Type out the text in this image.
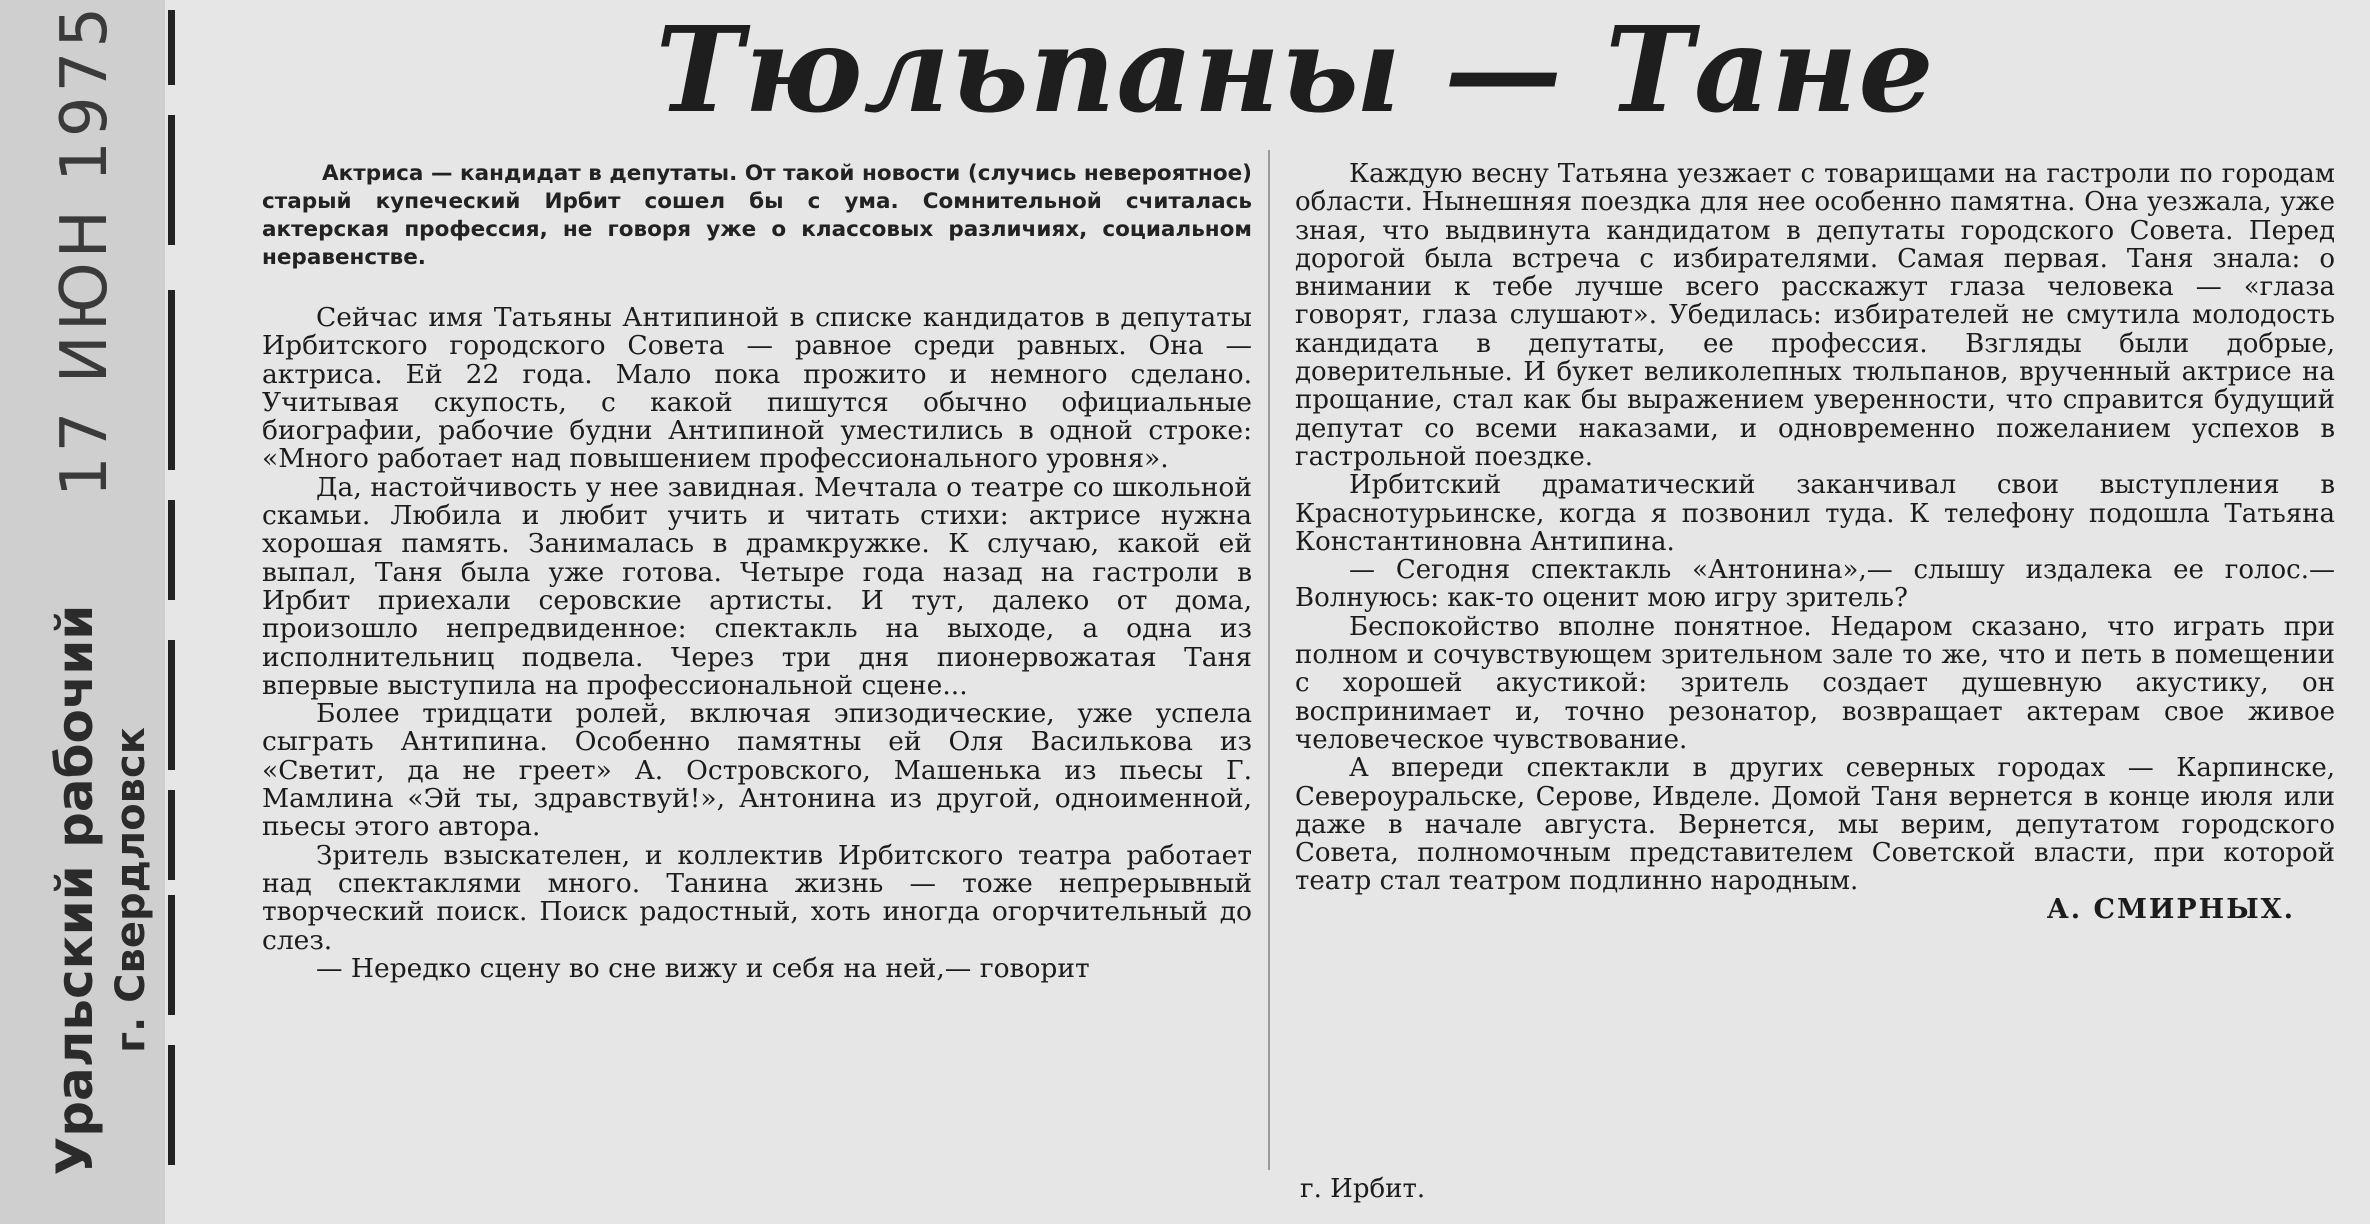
17 ИЮН 1975
Уральский рабочий г. Свердловск
Тюльпаны — Тане

Актриса — кандидат в депутаты. От такой новости (случись невероятное) старый купеческий Ирбит сошел бы с ума. Сомнительной считалась актерская профессия, не говоря уже о классовых различиях, социальном неравенстве.

Сейчас имя Татьяны Антипиной в списке кандидатов в депутаты Ирбитского городского Совета — равное среди равных. Она — актриса. Ей 22 года. Мало пока прожито и немного сделано. Учитывая скупость, с какой пишутся обычно официальные биографии, рабочие будни Антипиной уместились в одной строке: «Много работает над повышением профессионального уровня».

Да, настойчивость у нее завидная. Мечтала о театре со школьной скамьи. Любила и любит учить и читать стихи: актрисе нужна хорошая память. Занималась в драмкружке. К случаю, какой ей выпал, Таня была уже готова. Четыре года назад на гастроли в Ирбит приехали серовские артисты. И тут, далеко от дома, произошло непредвиденное: спектакль на выходе, а одна из исполнительниц подвела. Через три дня пионервожатая Таня впервые выступила на профессиональной сцене...

Более тридцати ролей, включая эпизодические, уже успела сыграть Антипина. Особенно памятны ей Оля Василькова из «Светит, да не греет» А. Островского, Машенька из пьесы Г. Мамлина «Эй ты, здравствуй!», Антонина из другой, одноименной, пьесы этого автора.

Зритель взыскателен, и коллектив Ирбитского театра работает над спектаклями много. Танина жизнь — тоже непрерывный творческий поиск. Поиск радостный, хоть иногда огорчительный до слез.

— Нередко сцену во сне вижу и себя на ней,— говорит

Каждую весну Татьяна уезжает с товарищами на гастроли по городам области. Нынешняя поездка для нее особенно памятна. Она уезжала, уже зная, что выдвинута кандидатом в депутаты городского Совета. Перед дорогой была встреча с избирателями. Самая первая. Таня знала: о внимании к тебе лучше всего расскажут глаза человека — «глаза говорят, глаза слушают». Убедилась: избирателей не смутила молодость кандидата в депутаты, ее профессия. Взгляды были добрые, доверительные. И букет великолепных тюльпанов, врученный актрисе на прощание, стал как бы выражением уверенности, что справится будущий депутат со всеми наказами, и одновременно пожеланием успехов в гастрольной поездке.

Ирбитский драматический заканчивал свои выступления в Краснотурьинске, когда я позвонил туда. К телефону подошла Татьяна Константиновна Антипина.

— Сегодня спектакль «Антонина»,— слышу издалека ее голос.— Волнуюсь: как-то оценит мою игру зритель?

Беспокойство вполне понятное. Недаром сказано, что играть при полном и сочувствующем зрительном зале то же, что и петь в помещении с хорошей акустикой: зритель создает душевную акустику, он воспринимает и, точно резонатор, возвращает актерам свое живое человеческое чувствование.

А впереди спектакли в других северных городах — Карпинске, Североуральске, Серове, Ивделе. Домой Таня вернется в конце июля или даже в начале августа. Вернется, мы верим, депутатом городского Совета, полномочным представителем Советской власти, при которой театр стал театром подлинно народным.

А. СМИРНЫХ.
г. Ирбит.
